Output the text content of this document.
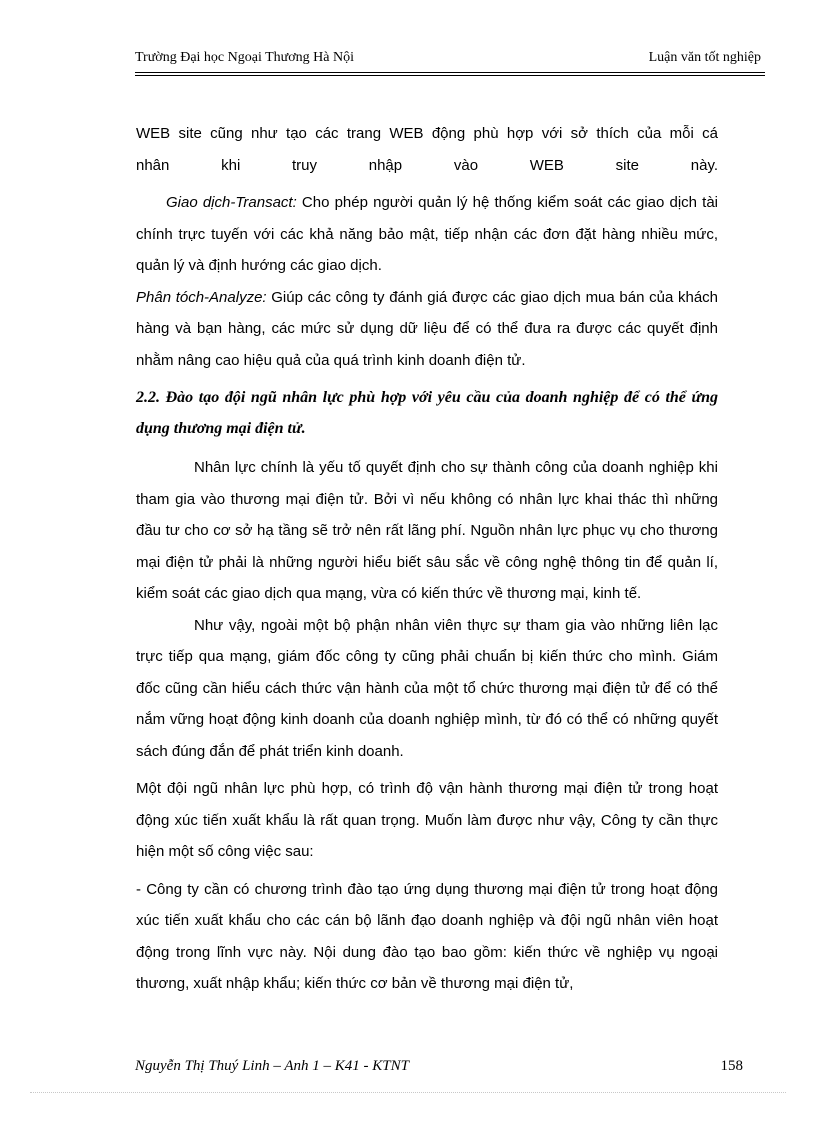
Trường Đại học Ngoại Thương Hà Nội	Luận văn tốt nghiệp

WEB site cũng như tạo các trang WEB động phù hợp với sở thích của mỗi cá

nhân khi truy nhập vào WEB site này.

Giao dịch-Transact: Cho phép người quản lý hệ thống kiểm soát các giao dịch tài chính trực tuyến với các khả năng bảo mật, tiếp nhận các đơn đặt hàng nhiều mức, quản lý và định hướng các giao dịch.

Phân tóch-Analyze: Giúp các công ty đánh giá được các giao dịch mua bán của khách hàng và bạn hàng, các mức sử dụng dữ liệu để có thể đưa ra được các quyết định nhằm nâng cao hiệu quả của quá trình kinh doanh điện tử.

2.2. Đào tạo đội ngũ nhân lực phù hợp với yêu cầu của doanh nghiệp để có thể ứng dụng thương mại điện tử.

Nhân lực chính là yếu tố quyết định cho sự thành công của doanh nghiệp khi tham gia vào thương mại điện tử. Bởi vì nếu không có nhân lực khai thác thì những đầu tư cho cơ sở hạ tầng sẽ trở nên rất lãng phí. Nguồn nhân lực phục vụ cho thương mại điện tử phải là những người hiểu biết sâu sắc về công nghệ thông tin để quản lí, kiểm soát các giao dịch qua mạng, vừa có kiến thức về thương mại, kinh tế.

Như vậy, ngoài một bộ phận nhân viên thực sự tham gia vào những liên lạc trực tiếp qua mạng, giám đốc công ty cũng phải chuẩn bị kiến thức cho mình. Giám đốc cũng cần hiểu cách thức vận hành của một tổ chức thương mại điện tử để có thể nắm vững hoạt động kinh doanh của doanh nghiệp mình, từ đó có thể có những quyết sách đúng đắn để phát triển kinh doanh.

Một đội ngũ nhân lực phù hợp, có trình độ vận hành thương mại điện tử trong hoạt động xúc tiến xuất khẩu là rất quan trọng. Muốn làm được như vậy, Công ty cần thực hiện một số công việc sau:

- Công ty cần có chương trình đào tạo ứng dụng thương mại điện tử trong hoạt động xúc tiến xuất khẩu cho các cán bộ lãnh đạo doanh nghiệp và đội ngũ nhân viên hoạt động trong lĩnh vực này. Nội dung đào tạo bao gồm: kiến thức về nghiệp vụ ngoại thương, xuất nhập khẩu; kiến thức cơ bản về thương mại điện tử,

Nguyễn Thị Thuý Linh – Anh 1 – K41 - KTNT	158
